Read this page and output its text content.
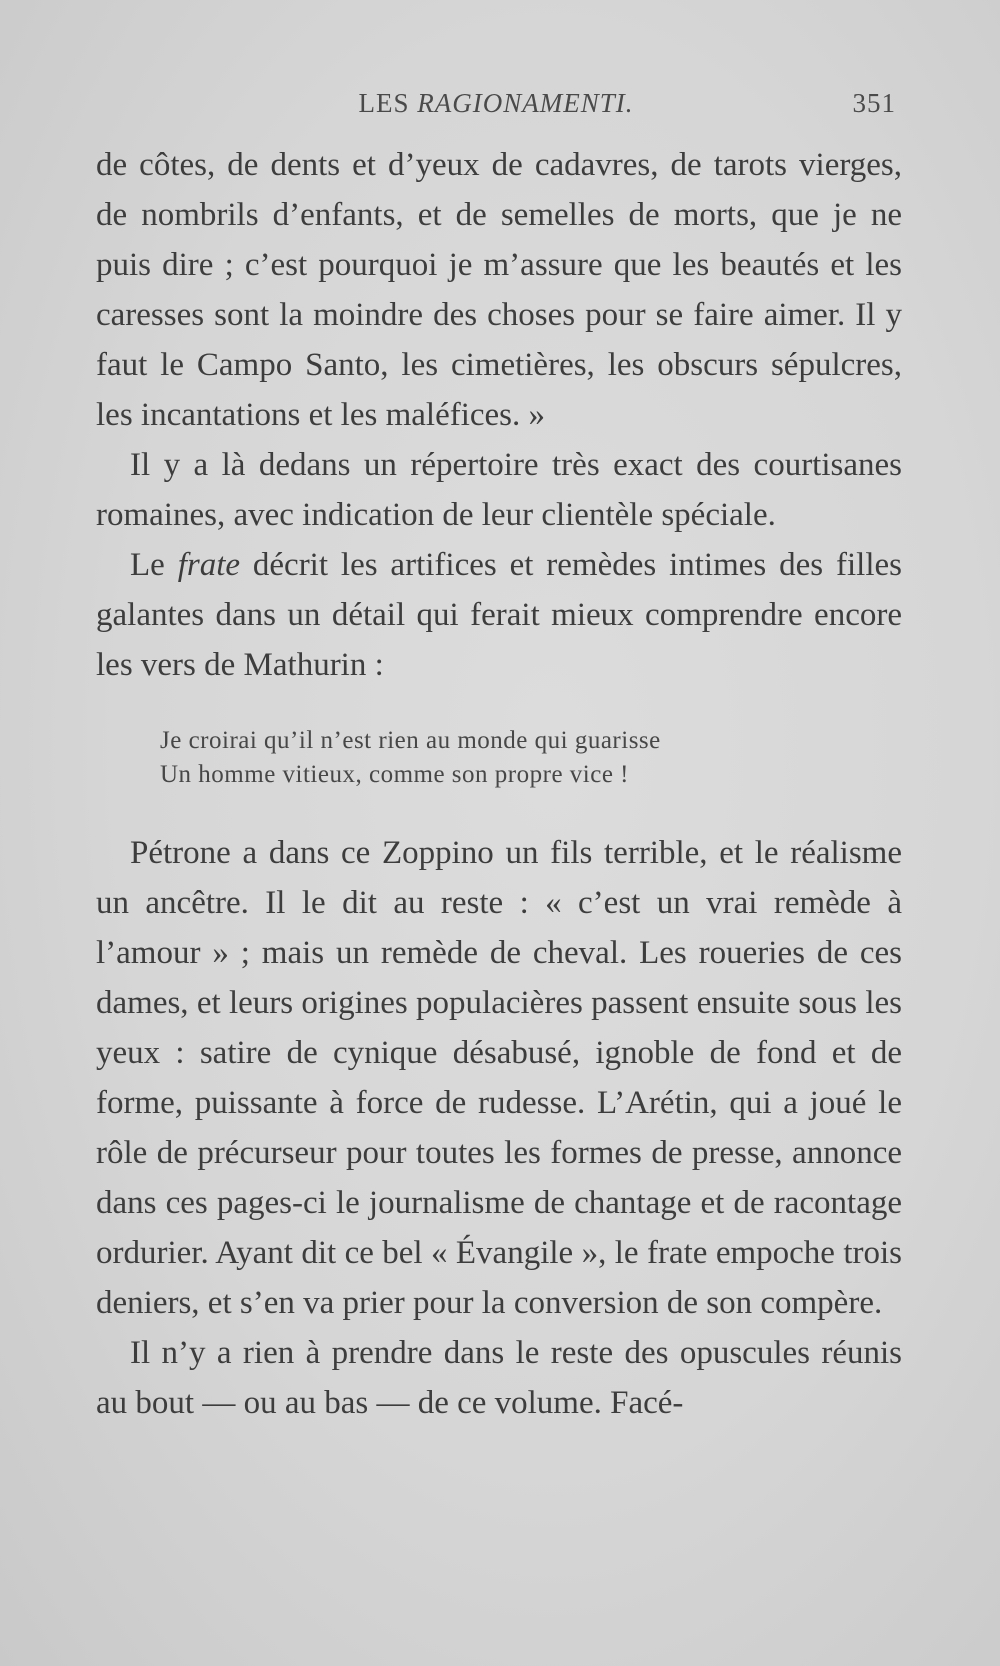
LES RAGIONAMENTI.	351

de côtes, de dents et d’yeux de cadavres, de tarots vierges, de nombrils d’enfants, et de semelles de morts, que je ne puis dire ; c’est pourquoi je m’assure que les beautés et les caresses sont la moindre des choses pour se faire aimer. Il y faut le Campo Santo, les cimetières, les obscurs sépulcres, les incantations et les maléfices. »

Il y a là dedans un répertoire très exact des courtisanes romaines, avec indication de leur clientèle spéciale.

Le frate décrit les artifices et remèdes intimes des filles galantes dans un détail qui ferait mieux comprendre encore les vers de Mathurin :

Je croirai qu’il n’est rien au monde qui guarisse
Un homme vitieux, comme son propre vice !

Pétrone a dans ce Zoppino un fils terrible, et le réalisme un ancêtre. Il le dit au reste : « c’est un vrai remède à l’amour » ; mais un remède de cheval. Les roueries de ces dames, et leurs origines populacières passent ensuite sous les yeux : satire de cynique désabusé, ignoble de fond et de forme, puissante à force de rudesse. L’Arétin, qui a joué le rôle de précurseur pour toutes les formes de presse, annonce dans ces pages-ci le journalisme de chantage et de racontage ordurier. Ayant dit ce bel « Évangile », le frate empoche trois deniers, et s’en va prier pour la conversion de son compère.

Il n’y a rien à prendre dans le reste des opuscules réunis au bout — ou au bas — de ce volume. Facé-
